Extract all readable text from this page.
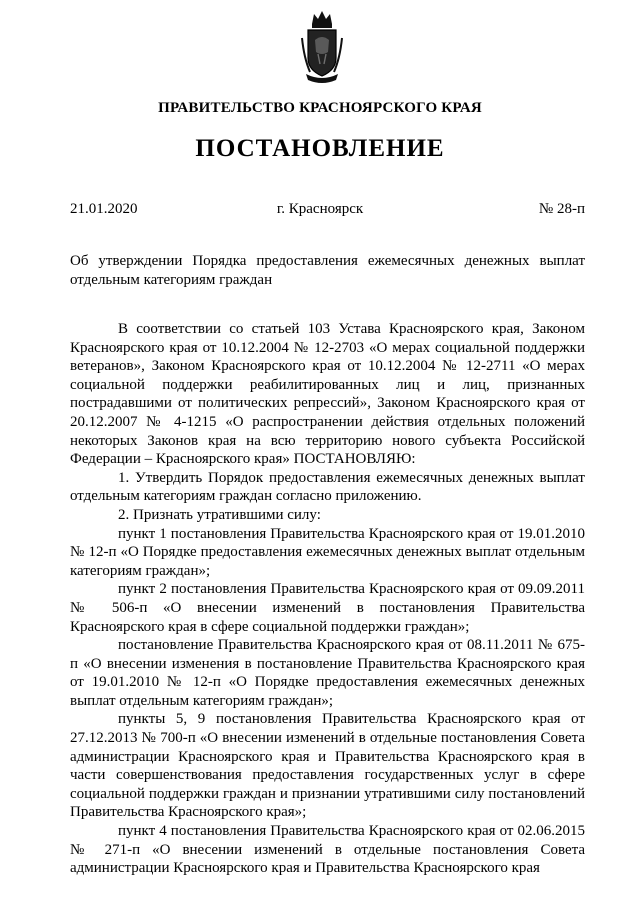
ПРАВИТЕЛЬСТВО КРАСНОЯРСКОГО КРАЯ
ПОСТАНОВЛЕНИЕ
21.01.2020	г. Красноярск	№ 28-п
Об утверждении Порядка предоставления ежемесячных денежных выплат отдельным категориям граждан

В соответствии со статьей 103 Устава Красноярского края, Законом Красноярского края от 10.12.2004 № 12-2703 «О мерах социальной поддержки ветеранов», Законом Красноярского края от 10.12.2004 № 12-2711 «О мерах социальной поддержки реабилитированных лиц и лиц, признанных пострадавшими от политических репрессий», Законом Красноярского края от 20.12.2007 № 4-1215 «О распространении действия отдельных положений некоторых Законов края на всю территорию нового субъекта Российской Федерации – Красноярского края» ПОСТАНОВЛЯЮ:

1. Утвердить Порядок предоставления ежемесячных денежных выплат отдельным категориям граждан согласно приложению.

2. Признать утратившими силу:

пункт 1 постановления Правительства Красноярского края от 19.01.2010 № 12-п «О Порядке предоставления ежемесячных денежных выплат отдельным категориям граждан»;

пункт 2 постановления Правительства Красноярского края от 09.09.2011 № 506-п «О внесении изменений в постановления Правительства Красноярского края в сфере социальной поддержки граждан»;

постановление Правительства Красноярского края от 08.11.2011 № 675-п «О внесении изменения в постановление Правительства Красноярского края от 19.01.2010 № 12-п «О Порядке предоставления ежемесячных денежных выплат отдельным категориям граждан»;

пункты 5, 9 постановления Правительства Красноярского края от 27.12.2013 № 700-п «О внесении изменений в отдельные постановления Совета администрации Красноярского края и Правительства Красноярского края в части совершенствования предоставления государственных услуг в сфере социальной поддержки граждан и признании утратившими силу постановлений Правительства Красноярского края»;

пункт 4 постановления Правительства Красноярского края от 02.06.2015 № 271-п «О внесении изменений в отдельные постановления Совета администрации Красноярского края и Правительства Красноярского края
